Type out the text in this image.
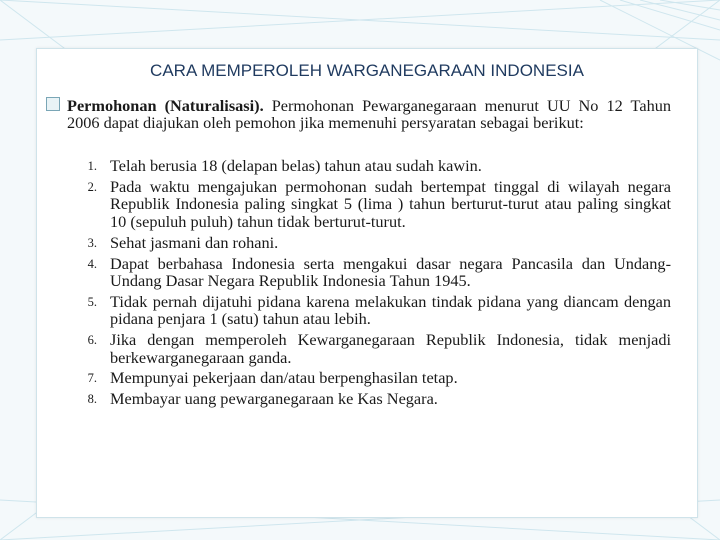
CARA MEMPEROLEH WARGANEGARAAN INDONESIA
Permohonan (Naturalisasi). Permohonan Pewarganegaraan menurut UU No 12 Tahun 2006 dapat diajukan oleh pemohon jika memenuhi persyaratan sebagai berikut:
1. Telah berusia 18 (delapan belas) tahun atau sudah kawin.
2. Pada waktu mengajukan permohonan sudah bertempat tinggal di wilayah negara Republik Indonesia paling singkat 5 (lima ) tahun berturut-turut atau paling singkat 10 (sepuluh puluh) tahun tidak berturut-turut.
3. Sehat jasmani dan rohani.
4. Dapat berbahasa Indonesia serta mengakui dasar negara Pancasila dan Undang-Undang Dasar Negara Republik Indonesia Tahun 1945.
5. Tidak pernah dijatuhi pidana karena melakukan tindak pidana yang diancam dengan pidana penjara 1 (satu) tahun atau lebih.
6. Jika dengan memperoleh Kewarganegaraan Republik Indonesia, tidak menjadi berkewarganegaraan ganda.
7. Mempunyai pekerjaan dan/atau berpenghasilan tetap.
8. Membayar uang pewarganegaraan ke Kas Negara.
